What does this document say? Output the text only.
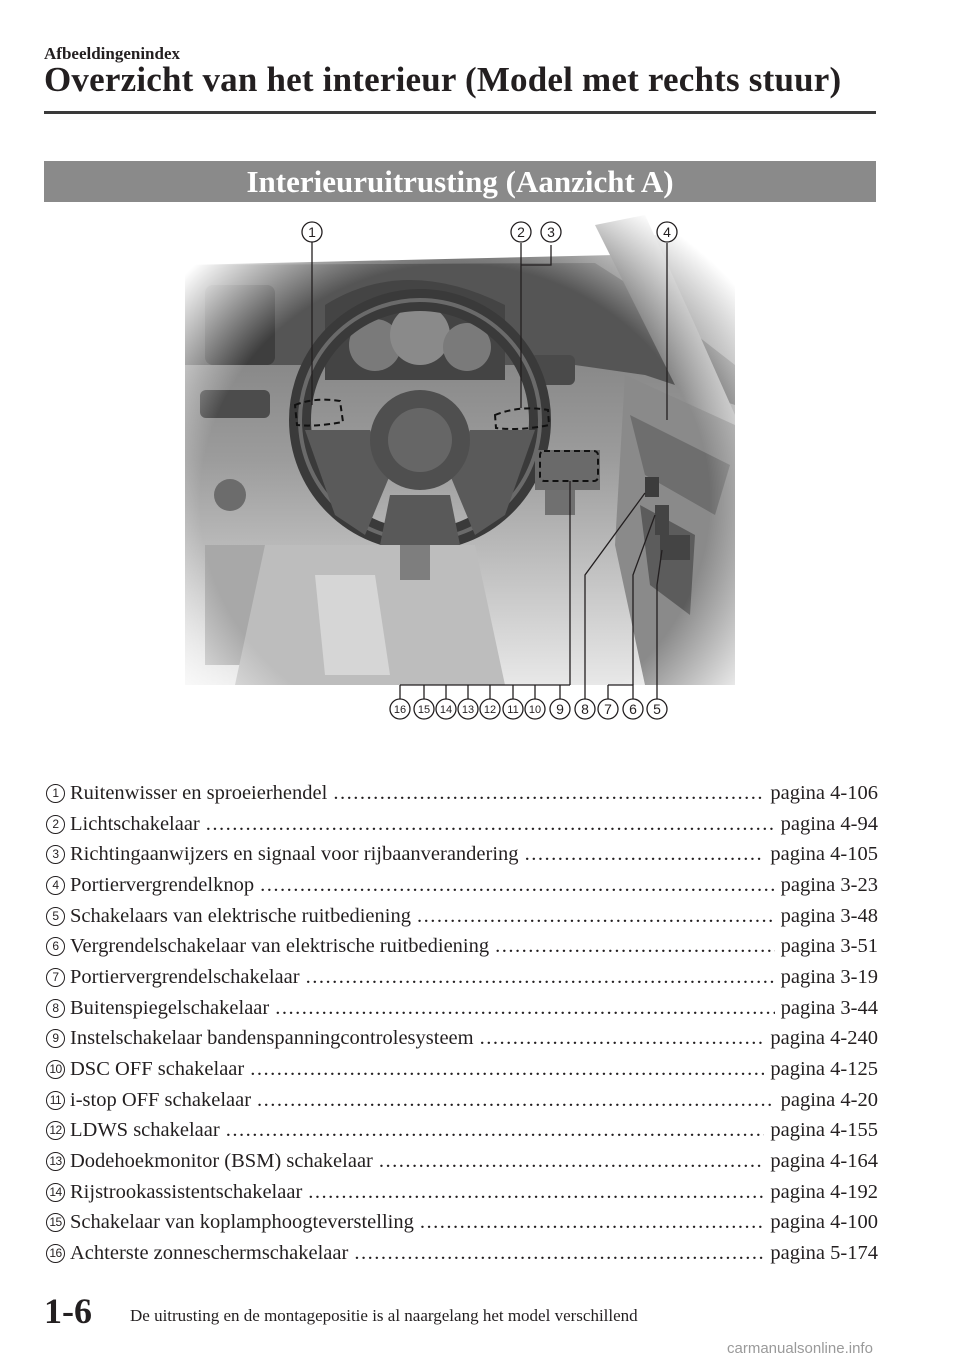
Afbeeldingenindex
Overzicht van het interieur (Model met rechts stuur)
Interieuruitrusting (Aanzicht A)
1	2 3	4
16 15 14 13 12 11 10 9 8 7 6 5
1 Ruitenwisser en sproeierhendel .....	pagina 4-106
2 Lichtschakelaar .....	pagina 4-94
3 Richtingaanwijzers en signaal voor rijbaanverandering .....	pagina 4-105
4 Portiervergrendelknop .....	pagina 3-23
5 Schakelaars van elektrische ruitbediening .....	pagina 3-48
6 Vergrendelschakelaar van elektrische ruitbediening .....	pagina 3-51
7 Portiervergrendelschakelaar .....	pagina 3-19
8 Buitenspiegelschakelaar .....	pagina 3-44
9 Instelschakelaar bandenspanningcontrolesysteem .....	pagina 4-240
10 DSC OFF schakelaar .....	pagina 4-125
11 i-stop OFF schakelaar .....	pagina 4-20
12 LDWS schakelaar .....	pagina 4-155
13 Dodehoekmonitor (BSM) schakelaar .....	pagina 4-164
14 Rijstrookassistentschakelaar .....	pagina 4-192
15 Schakelaar van koplamphoogteverstelling .....	pagina 4-100
16 Achterste zonneschermschakelaar .....	pagina 5-174
1-6 De uitrusting en de montagepositie is al naargelang het model verschillend
carmanualsonline.info
